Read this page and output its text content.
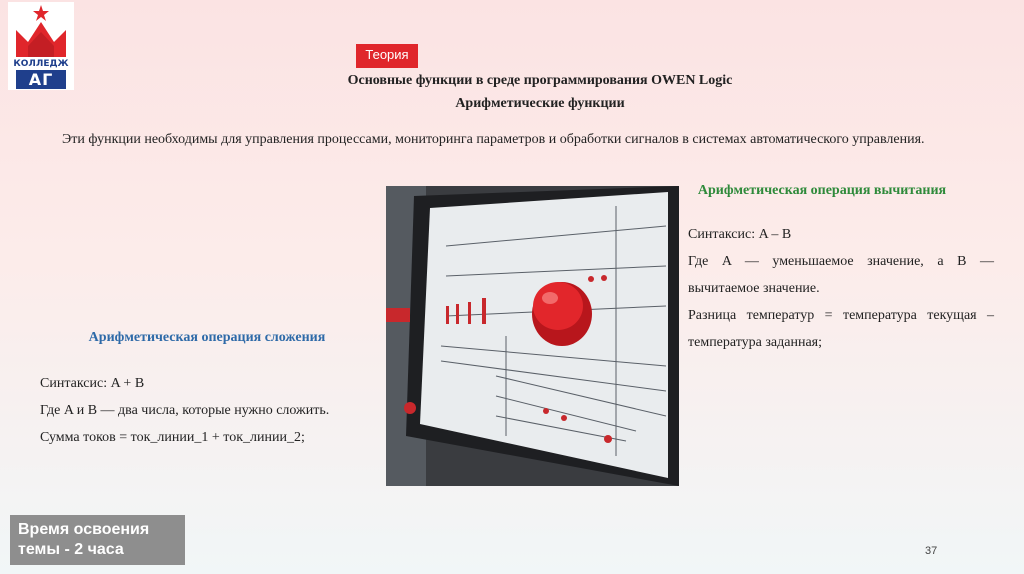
КОЛЛЕДЖ
АГ
Теория
Основные функции в среде программирования OWEN Logic
Арифметические функции
Эти функции необходимы для управления процессами, мониторинга параметров и обработки сигналов в системах автоматического управления.
Арифметическая операция вычитания

Синтаксис: A – B

Где A — уменьшаемое значение, а B — вычитаемое значение.

Разница температур = температура текущая – температура заданная;

Арифметическая операция сложения

Синтаксис: A + B

Где A и B — два числа, которые нужно сложить.

Сумма токов = ток_линии_1 + ток_линии_2;

Время освоения темы - 2 часа	37
